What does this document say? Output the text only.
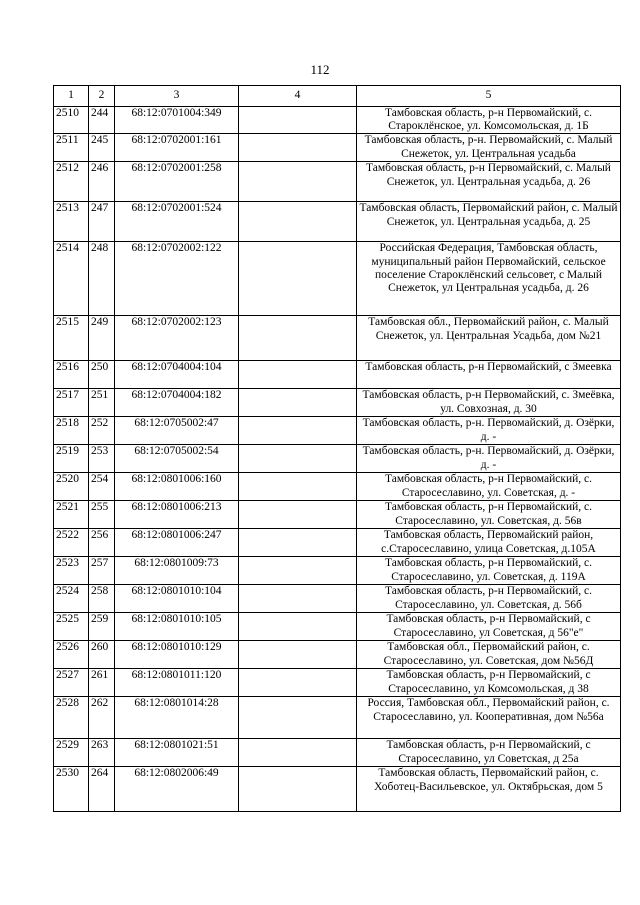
112
1	2	3	4	5
2510	244	68:12:0701004:349		Тамбовская область, р-н Первомайский, с. Староклёнское, ул. Комсомольская, д. 1Б
2511	245	68:12:0702001:161		Тамбовская область, р-н. Первомайский, с. Малый Снежеток, ул. Центральная усадьба
2512	246	68:12:0702001:258		Тамбовская область, р-н Первомайский, с. Малый Снежеток, ул. Центральная усадьба, д. 26
2513	247	68:12:0702001:524		Тамбовская область, Первомайский район, с. Малый Снежеток, ул. Центральная усадьба, д. 25
2514	248	68:12:0702002:122		Российская Федерация, Тамбовская область, муниципальный район Первомайский, сельское поселение Староклёнский сельсовет, с Малый Снежеток, ул Центральная усадьба, д. 26
2515	249	68:12:0702002:123		Тамбовская обл., Первомайский район, с. Малый Снежеток, ул. Центральная Усадьба, дом №21
2516	250	68:12:0704004:104		Тамбовская область, р-н Первомайский, с Змеевка
2517	251	68:12:0704004:182		Тамбовская область, р-н Первомайский, с. Змеёвка, ул. Совхозная, д. 30
2518	252	68:12:0705002:47		Тамбовская область, р-н. Первомайский, д. Озёрки, д. -
2519	253	68:12:0705002:54		Тамбовская область, р-н. Первомайский, д. Озёрки, д. -
2520	254	68:12:0801006:160		Тамбовская область, р-н Первомайский, с. Старосеславино, ул. Советская, д. -
2521	255	68:12:0801006:213		Тамбовская область, р-н Первомайский, с. Старосеславино, ул. Советская, д. 56в
2522	256	68:12:0801006:247		Тамбовская область, Первомайский район, с.Старосеславино, улица Советская, д.105А
2523	257	68:12:0801009:73		Тамбовская область, р-н Первомайский, с. Старосеславино, ул. Советская, д. 119А
2524	258	68:12:0801010:104		Тамбовская область, р-н Первомайский, с. Старосеславино, ул. Советская, д. 56б
2525	259	68:12:0801010:105		Тамбовская область, р-н Первомайский, с Старосеславино, ул Советская, д 56"е"
2526	260	68:12:0801010:129		Тамбовская обл., Первомайский район, с. Старосеславино, ул. Советская, дом №56Д
2527	261	68:12:0801011:120		Тамбовская область, р-н Первомайский, с Старосеславино, ул Комсомольская, д 38
2528	262	68:12:0801014:28		Россия, Тамбовская обл., Первомайский район, с. Старосеславино, ул. Кооперативная, дом №56а
2529	263	68:12:0801021:51		Тамбовская область, р-н Первомайский, с Старосеславино, ул Советская, д 25а
2530	264	68:12:0802006:49		Тамбовская область, Первомайский район, с. Хоботец-Васильевское, ул. Октябрьская, дом 5
